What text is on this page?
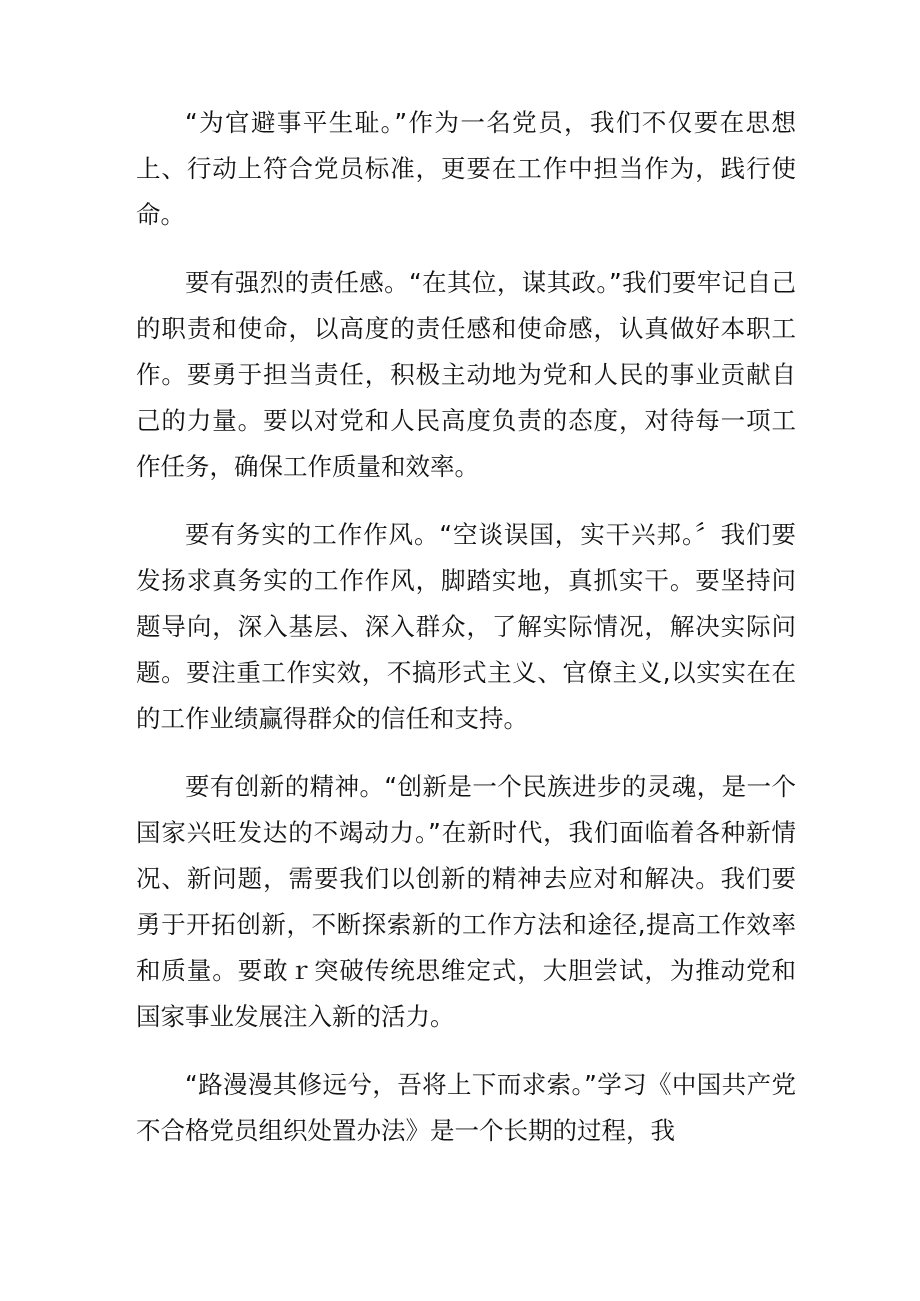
“为官避事平生耻。”作为一名党员，我们不仅要在思想上、行动上符合党员标准，更要在工作中担当作为，践行使命。

要有强烈的责任感。“在其位，谋其政。”我们要牢记自己的职责和使命，以高度的责任感和使命感，认真做好本职工作。要勇于担当责任，积极主动地为党和人民的事业贡献自己的力量。要以对党和人民高度负责的态度，对待每一项工作任务，确保工作质量和效率。

要有务实的工作作风。“空谈误国，实干兴邦。〞我们要发扬求真务实的工作作风，脚踏实地，真抓实干。要坚持问题导向，深入基层、深入群众，了解实际情况，解决实际问题。要注重工作实效，不搞形式主义、官僚主义,以实实在在的工作业绩赢得群众的信任和支持。

要有创新的精神。“创新是一个民族进步的灵魂，是一个国家兴旺发达的不竭动力。”在新时代，我们面临着各种新情况、新问题，需要我们以创新的精神去应对和解决。我们要勇于开拓创新，不断探索新的工作方法和途径,提高工作效率和质量。要敢ｒ突破传统思维定式，大胆尝试，为推动党和国家事业发展注入新的活力。

“路漫漫其修远兮，吾将上下而求索。”学习《中国共产党不合格党员组织处置办法》是一个长期的过程，我
